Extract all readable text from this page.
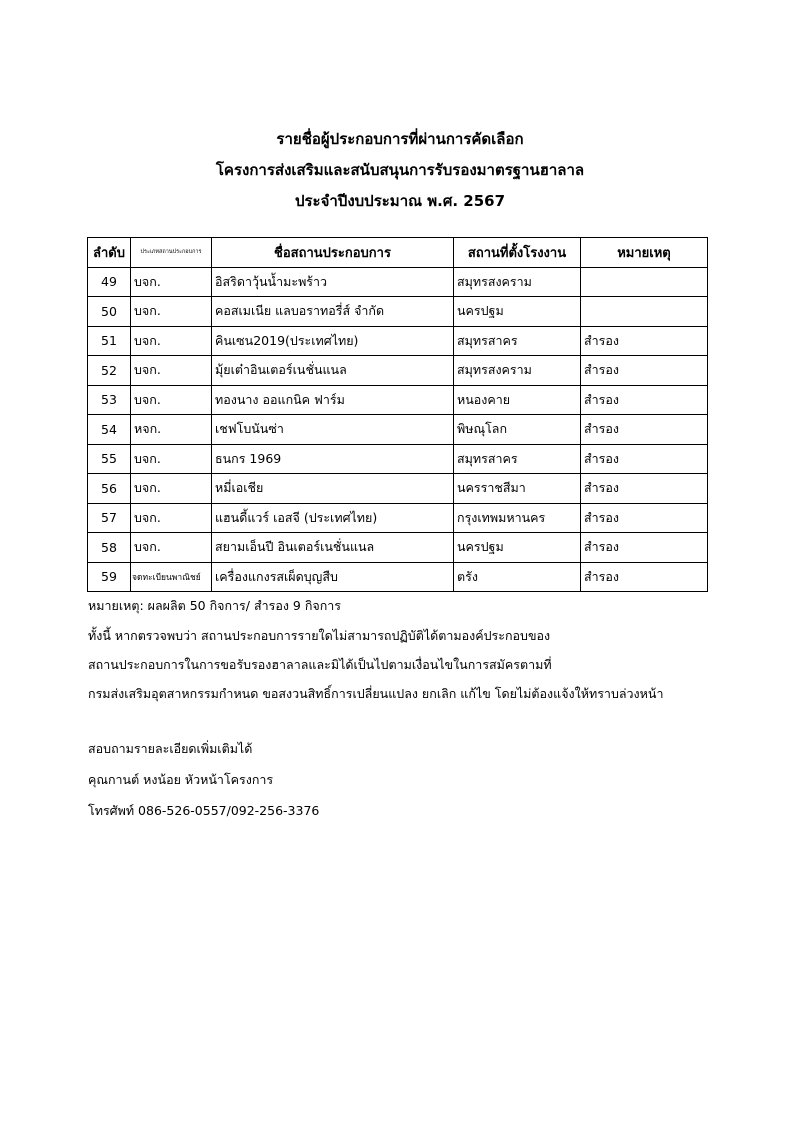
รายชื่อผู้ประกอบการที่ผ่านการคัดเลือก
โครงการส่งเสริมและสนับสนุนการรับรองมาตรฐานฮาลาล
ประจำปีงบประมาณ พ.ศ. 2567
ลำดับ	ประเภทสถานประกอบการ	ชื่อสถานประกอบการ	สถานที่ตั้งโรงงาน	หมายเหตุ
49	บจก.	อิสริดาวุ้นน้ำมะพร้าว	สมุทรสงคราม	
50	บจก.	คอสเมเนีย แลบอราทอรี่ส์ จำกัด	นครปฐม	
51	บจก.	คินเซน2019(ประเทศไทย)	สมุทรสาคร	สำรอง
52	บจก.	มุ้ยเต๋าอินเตอร์เนชั่นแนล	สมุทรสงคราม	สำรอง
53	บจก.	ทองนาง ออแกนิค ฟาร์ม	หนองคาย	สำรอง
54	หจก.	เชฟโบนันซ่า	พิษณุโลก	สำรอง
55	บจก.	ธนกร 1969	สมุทรสาคร	สำรอง
56	บจก.	หมี่เอเชีย	นครราชสีมา	สำรอง
57	บจก.	แฮนดี้แวร์ เอสจี (ประเทศไทย)	กรุงเทพมหานคร	สำรอง
58	บจก.	สยามเอ็นปี อินเตอร์เนชั่นแนล	นครปฐม	สำรอง
59	จดทะเบียนพาณิชย์	เครื่องแกงรสเผ็ดบุญสืบ	ตรัง	สำรอง
หมายเหตุ: ผลผลิต 50 กิจการ/ สำรอง 9 กิจการ
ทั้งนี้ หากตรวจพบว่า สถานประกอบการรายใดไม่สามารถปฏิบัติได้ตามองค์ประกอบของ
สถานประกอบการในการขอรับรองฮาลาลและมิได้เป็นไปตามเงื่อนไขในการสมัครตามที่
กรมส่งเสริมอุตสาหกรรมกำหนด ขอสงวนสิทธิ์การเปลี่ยนแปลง ยกเลิก แก้ไข โดยไม่ต้องแจ้งให้ทราบล่วงหน้า
สอบถามรายละเอียดเพิ่มเติมได้
คุณกานต์ หงน้อย หัวหน้าโครงการ
โทรศัพท์ 086-526-0557/092-256-3376
